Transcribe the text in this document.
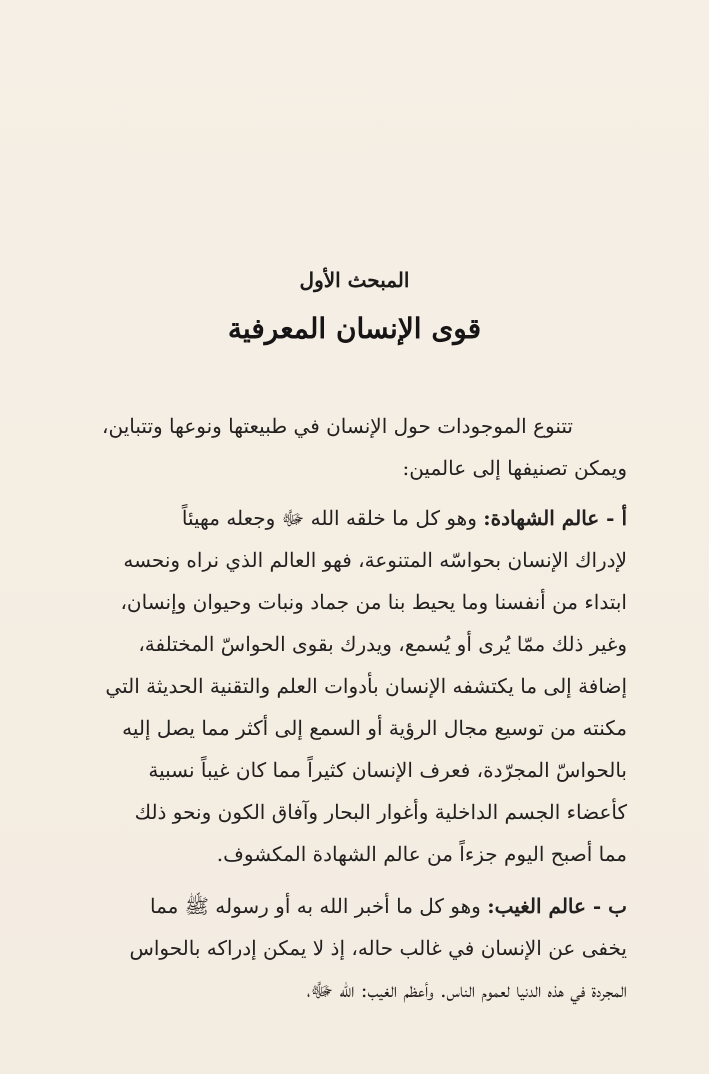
المبحث الأول
قوى الإنسان المعرفية
تتنوع الموجودات حول الإنسان في طبيعتها ونوعها وتتباين،
ويمكن تصنيفها إلى عالمين:
أ - عالم الشهادة: وهو كل ما خلقه الله ﷻ وجعله مهيئاً
لإدراك الإنسان بحواسّه المتنوعة، فهو العالم الذي نراه ونحسه
ابتداء من أنفسنا وما يحيط بنا من جماد ونبات وحيوان وإنسان،
وغير ذلك ممّا يُرى أو يُسمع، ويدرك بقوى الحواسّ المختلفة،
إضافة إلى ما يكتشفه الإنسان بأدوات العلم والتقنية الحديثة التي
مكنته من توسيع مجال الرؤية أو السمع إلى أكثر مما يصل إليه
بالحواسّ المجرّدة، فعرف الإنسان كثيراً مما كان غيباً نسبية
كأعضاء الجسم الداخلية وأغوار البحار وآفاق الكون ونحو ذلك
مما أصبح اليوم جزءاً من عالم الشهادة المكشوف.
ب - عالم الغيب: وهو كل ما أخبر الله به أو رسوله ﷺ مما
يخفى عن الإنسان في غالب حاله، إذ لا يمكن إدراكه بالحواس
المجردة في هذه الدنيا لعموم الناس. وأعظم الغيب: الله ﷻ،
